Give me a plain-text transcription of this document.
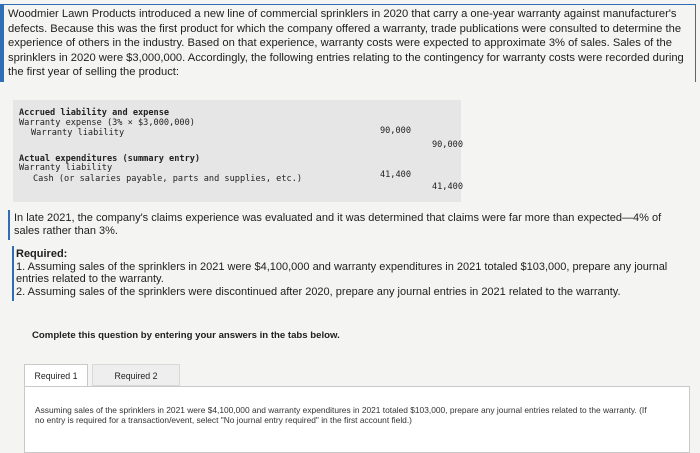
Woodmier Lawn Products introduced a new line of commercial sprinklers in 2020 that carry a one-year warranty against manufacturer's defects. Because this was the first product for which the company offered a warranty, trade publications were consulted to determine the experience of others in the industry. Based on that experience, warranty costs were expected to approximate 3% of sales. Sales of the sprinklers in 2020 were $3,000,000. Accordingly, the following entries relating to the contingency for warranty costs were recorded during the first year of selling the product:
Accrued liability and expense
Warranty expense (3% × $3,000,000)
90,000
Warranty liability
90,000
Actual expenditures (summary entry)
Warranty liability
41,400
Cash (or salaries payable, parts and supplies, etc.)
41,400
In late 2021, the company's claims experience was evaluated and it was determined that claims were far more than expected—4% of sales rather than 3%.
Required:
1. Assuming sales of the sprinklers in 2021 were $4,100,000 and warranty expenditures in 2021 totaled $103,000, prepare any journal entries related to the warranty.
2. Assuming sales of the sprinklers were discontinued after 2020, prepare any journal entries in 2021 related to the warranty.
Complete this question by entering your answers in the tabs below.
Required 1	Required 2
Assuming sales of the sprinklers in 2021 were $4,100,000 and warranty expenditures in 2021 totaled $103,000, prepare any journal entries related to the warranty. (If no entry is required for a transaction/event, select "No journal entry required" in the first account field.)
